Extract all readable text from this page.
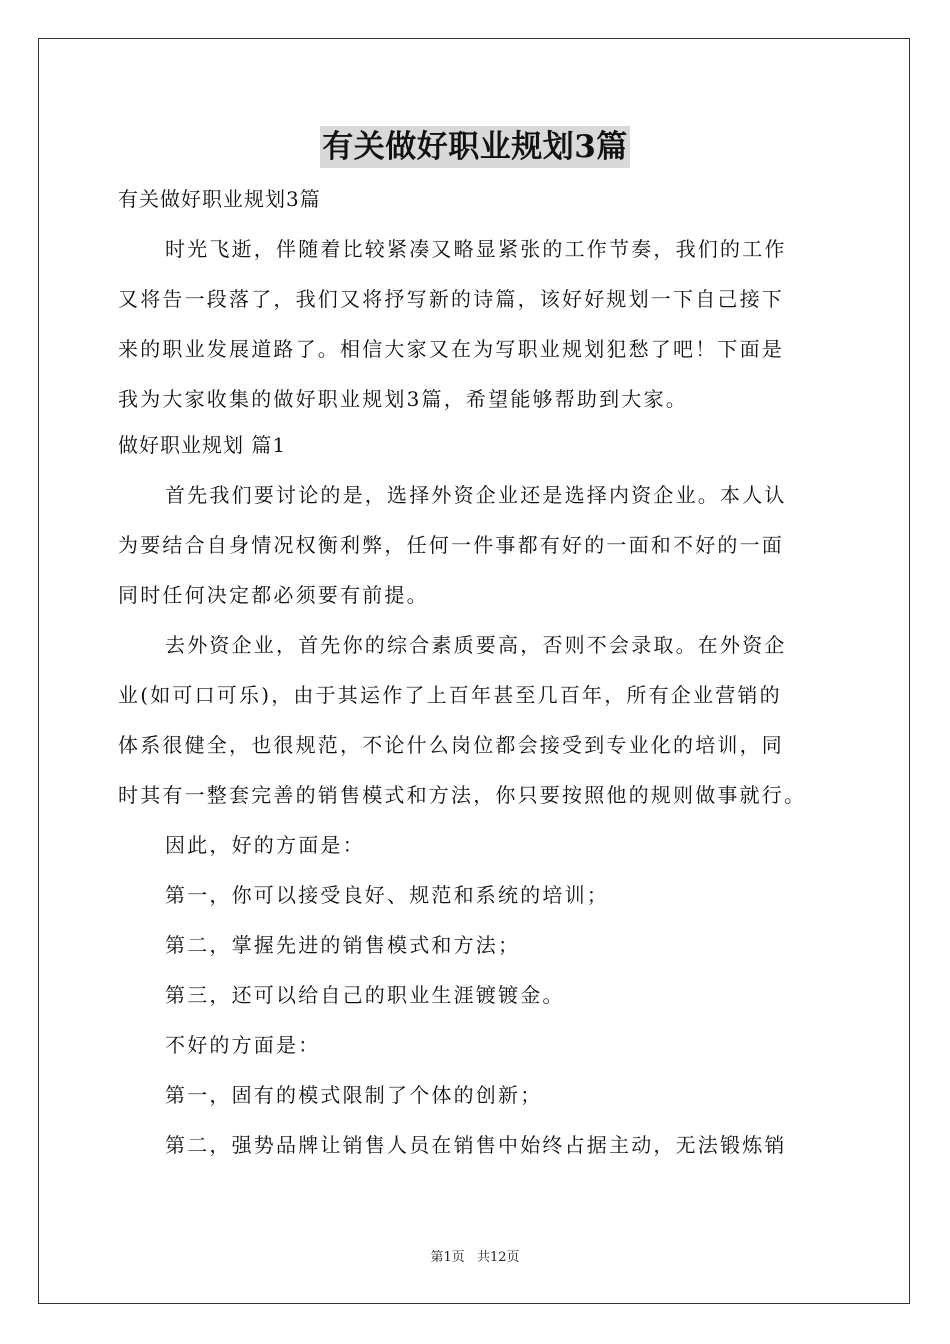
有关做好职业规划3篇
有关做好职业规划3篇
时光飞逝，伴随着比较紧凑又略显紧张的工作节奏，我们的工作
又将告一段落了，我们又将抒写新的诗篇，该好好规划一下自己接下
来的职业发展道路了。相信大家又在为写职业规划犯愁了吧！下面是
我为大家收集的做好职业规划3篇，希望能够帮助到大家。
做好职业规划 篇1
首先我们要讨论的是，选择外资企业还是选择内资企业。本人认
为要结合自身情况权衡利弊，任何一件事都有好的一面和不好的一面
同时任何决定都必须要有前提。
去外资企业，首先你的综合素质要高，否则不会录取。在外资企
业(如可口可乐)，由于其运作了上百年甚至几百年，所有企业营销的
体系很健全，也很规范，不论什么岗位都会接受到专业化的培训，同
时其有一整套完善的销售模式和方法，你只要按照他的规则做事就行。
因此，好的方面是：
第一，你可以接受良好、规范和系统的培训；
第二，掌握先进的销售模式和方法；
第三，还可以给自己的职业生涯镀镀金。
不好的方面是：
第一，固有的模式限制了个体的创新；
第二，强势品牌让销售人员在销售中始终占据主动，无法锻炼销
第1页 共12页
